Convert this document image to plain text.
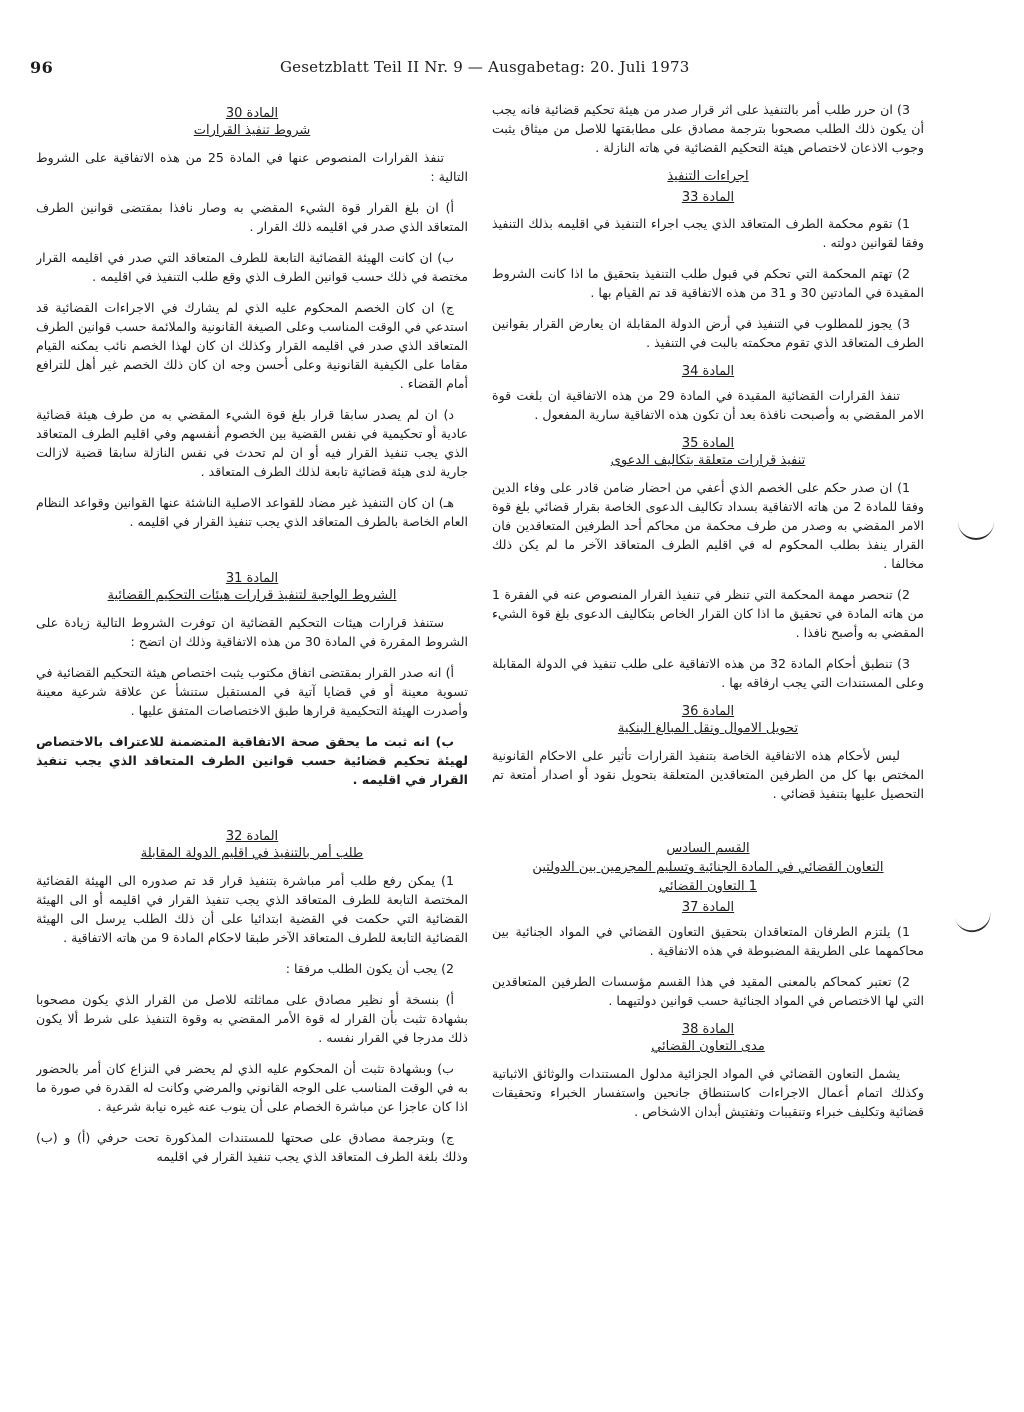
96	Gesetzblatt Teil II Nr. 9 — Ausgabetag: 20. Juli 1973
المادة 30
شروط تنفيذ القرارات

تنفذ القرارات المنصوص عنها في المادة 25 من هذه الاتفاقية على الشروط التالية :

أ) ان بلغ القرار قوة الشيء المقضي به وصار نافذا بمقتضى قوانين الطرف المتعاقد الذي صدر في اقليمه ذلك القرار .

ب) ان كانت الهيئة القضائية التابعة للطرف المتعاقد التي صدر في اقليمه القرار مختصة في ذلك حسب قوانين الطرف الذي وقع طلب التنفيذ في اقليمه .

ج) ان كان الخصم المحكوم عليه الذي لم يشارك في الاجراءات القضائية قد استدعي في الوقت المناسب وعلى الصيغة القانونية والملائمة حسب قوانين الطرف المتعاقد الذي صدر في اقليمه القرار وكذلك ان كان لهذا الخصم نائب يمكنه القيام مقاما على الكيفية القانونية وعلى أحسن وجه ان كان ذلك الخصم غير أهل للترافع أمام القضاء .

د) ان لم يصدر سابقا قرار بلغ قوة الشيء المقضي به من طرف هيئة قضائية عادية أو تحكيمية في نفس القضية بين الخصوم أنفسهم وفي اقليم الطرف المتعاقد الذي يجب تنفيذ القرار فيه أو ان لم تحدث في نفس النازلة سابقا قضية لازالت جارية لدى هيئة قضائية تابعة لذلك الطرف المتعاقد .

هـ) ان كان التنفيذ غير مضاد للقواعد الاصلية الناشئة عنها القوانين وقواعد النظام العام الخاصة بالطرف المتعاقد الذي يجب تنفيذ القرار في اقليمه .

المادة 31
الشروط الواجبة لتنفيذ قرارات هيئات التحكيم القضائية

ستنفذ قرارات هيئات التحكيم القضائية ان توفرت الشروط التالية زيادة على الشروط المقررة في المادة 30 من هذه الاتفاقية وذلك ان اتضح :

أ) انه صدر القرار بمقتضى اتفاق مكتوب يثبت اختصاص هيئة التحكيم القضائية في تسوية معينة أو في قضايا آتية في المستقبل ستنشأ عن علاقة شرعية معينة وأصدرت الهيئة التحكيمية قرارها طبق الاختصاصات المتفق عليها .

ب) انه ثبت ما يحقق صحة الاتفاقية المتضمنة للاعتراف بالاختصاص لهيئة تحكيم قضائية حسب قوانين الطرف المتعاقد الذي يجب تنفيذ القرار في اقليمه .

المادة 32
طلب أمر بالتنفيذ في اقليم الدولة المقابلة

1) يمكن رفع طلب أمر مباشرة بتنفيذ قرار قد تم صدوره الى الهيئة القضائية المختصة التابعة للطرف المتعاقد الذي يجب تنفيذ القرار في اقليمه أو الى الهيئة القضائية التي حكمت في القضية ابتدائيا على أن ذلك الطلب يرسل الى الهيئة القضائية التابعة للطرف المتعاقد الآخر طبقا لاحكام المادة 9 من هاته الاتفاقية .

2) يجب أن يكون الطلب مرفقا :

أ) بنسخة أو نظير مصادق على مماثلته للاصل من القرار الذي يكون مصحوبا بشهادة تثبت بأن القرار له قوة الأمر المقضي به وقوة التنفيذ على شرط ألا يكون ذلك مدرجا في القرار نفسه .

ب) وبشهادة تثبت أن المحكوم عليه الذي لم يحضر في النزاع كان أمر بالحضور به في الوقت المناسب على الوجه القانوني والمرضي وكانت له القدرة في صورة ما اذا كان عاجزا عن مباشرة الخصام على أن ينوب عنه غيره نيابة شرعية .

ج) وبترجمة مصادق على صحتها للمستندات المذكورة تحت حرفي (أ) و (ب) وذلك بلغة الطرف المتعاقد الذي يجب تنفيذ القرار في اقليمه

3) ان حرر طلب أمر بالتنفيذ على اثر قرار صدر من هيئة تحكيم قضائية فانه يجب أن يكون ذلك الطلب مصحوبا بترجمة مصادق على مطابقتها للاصل من ميثاق يثبت وجوب الاذعان لاختصاص هيئة التحكيم القضائية في هاته النازلة .

اجراءات التنفيذ
المادة 33

1) تقوم محكمة الطرف المتعاقد الذي يجب اجراء التنفيذ في اقليمه بذلك التنفيذ وفقا لقوانين دولته .

2) تهتم المحكمة التي تحكم في قبول طلب التنفيذ بتحقيق ما اذا كانت الشروط المقيدة في المادتين 30 و 31 من هذه الاتفاقية قد تم القيام بها .

3) يجوز للمطلوب في التنفيذ في أرض الدولة المقابلة ان يعارض القرار بقوانين الطرف المتعاقد الذي تقوم محكمته بالبت في التنفيذ .

المادة 34

تنفذ القرارات القضائية المقيدة في المادة 29 من هذه الاتفاقية ان بلغت قوة الامر المقضي به وأصبحت نافذة بعد أن تكون هذه الاتفاقية سارية المفعول .

المادة 35
تنفيذ قرارات متعلقة بتكاليف الدعوى

1) ان صدر حكم على الخصم الذي أعفي من احضار ضامن قادر على وفاء الدين وفقا للمادة 2 من هاته الاتفاقية بسداد تكاليف الدعوى الخاصة بقرار قضائي بلغ قوة الامر المقضي به وصدر من طرف محكمة من محاكم أحد الطرفين المتعاقدين فان القرار ينفذ بطلب المحكوم له في اقليم الطرف المتعاقد الآخر ما لم يكن ذلك مخالفا .

2) تنحصر مهمة المحكمة التي تنظر في تنفيذ القرار المنصوص عنه في الفقرة 1 من هاته المادة في تحقيق ما اذا كان القرار الخاص بتكاليف الدعوى بلغ قوة الشيء المقضي به وأصبح نافذا .

3) تنطبق أحكام المادة 32 من هذه الاتفاقية على طلب تنفيذ في الدولة المقابلة وعلى المستندات التي يجب ارفاقه بها .

المادة 36
تحويل الاموال ونقل المبالغ البنكية

ليس لأحكام هذه الاتفاقية الخاصة بتنفيذ القرارات تأثير على الاحكام القانونية المختص بها كل من الطرفين المتعاقدين المتعلقة بتحويل نقود أو اصدار أمتعة تم التحصيل عليها بتنفيذ قضائي .

القسم السادس
التعاون القضائي في المادة الجنائية وتسليم المجرمين بين الدولتين
1 التعاون القضائي
المادة 37

1) يلتزم الطرفان المتعاقدان بتحقيق التعاون القضائي في المواد الجنائية بين محاكمهما على الطريقة المضبوطة في هذه الاتفاقية .

2) تعتبر كمحاكم بالمعنى المقيد في هذا القسم مؤسسات الطرفين المتعاقدين التي لها الاختصاص في المواد الجنائية حسب قوانين دولتيهما .

المادة 38
مدى التعاون القضائي

يشمل التعاون القضائي في المواد الجزائية مدلول المستندات والوثائق الاثباتية وكذلك اتمام أعمال الاجراءات كاستنطاق جانحين واستفسار الخبراء وتحقيقات قضائية وتكليف خبراء وتنقيبات وتفتيش أبدان الاشخاص .
